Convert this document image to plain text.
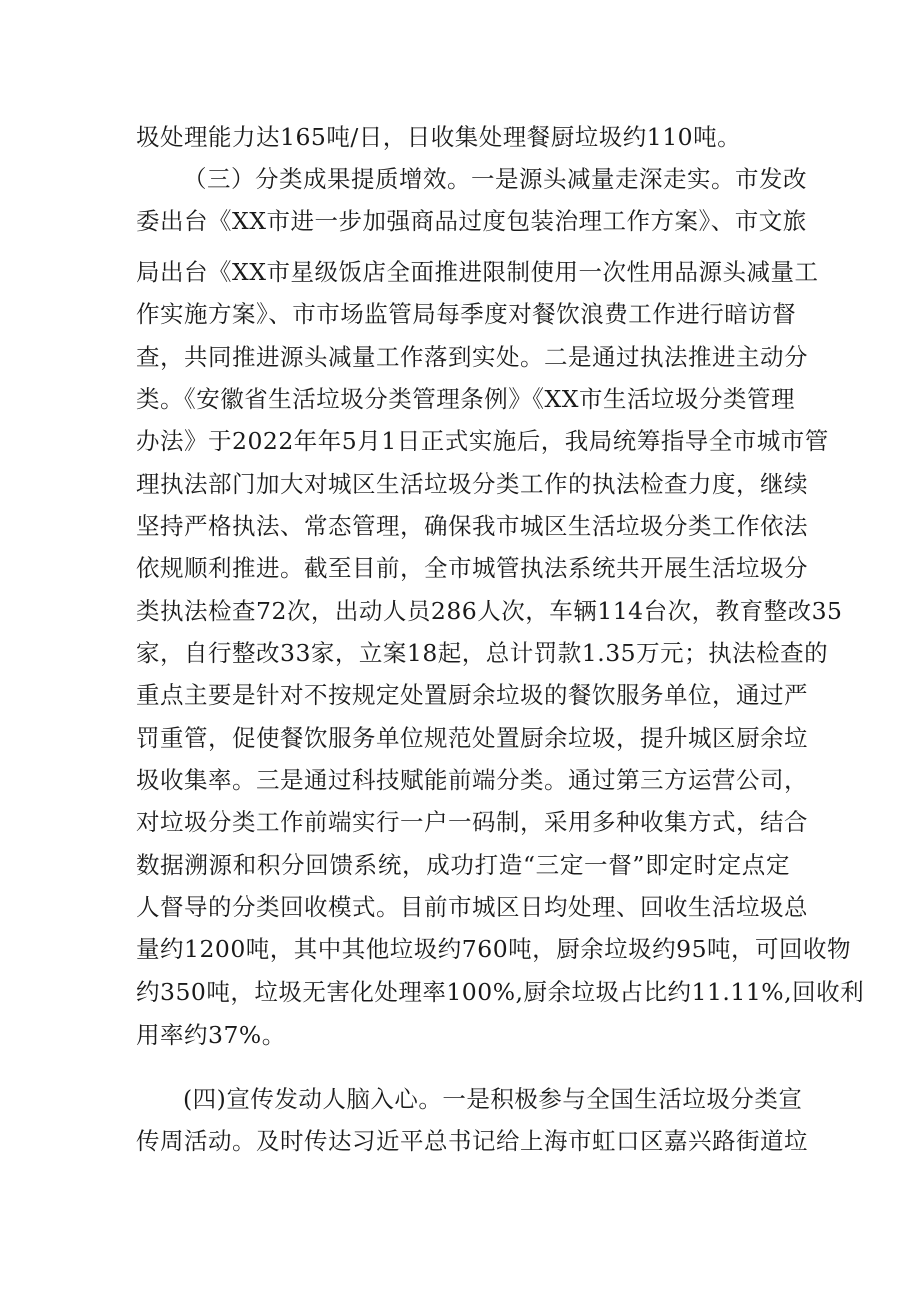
圾处理能力达165吨/日，日收集处理餐厨垃圾约110吨。
（三）分类成果提质增效。一是源头减量走深走实。市发改
委出台《XX市进一步加强商品过度包装治理工作方案》、市文旅
局出台《XX市星级饭店全面推进限制使用一次性用品源头减量工
作实施方案》、市市场监管局每季度对餐饮浪费工作进行暗访督
查，共同推进源头减量工作落到实处。二是通过执法推进主动分
类。《安徽省生活垃圾分类管理条例》《XX市生活垃圾分类管理
办法》于2022年年5月1日正式实施后，我局统筹指导全市城市管
理执法部门加大对城区生活垃圾分类工作的执法检查力度，继续
坚持严格执法、常态管理，确保我市城区生活垃圾分类工作依法
依规顺利推进。截至目前，全市城管执法系统共开展生活垃圾分
类执法检查72次，出动人员286人次，车辆114台次，教育整改35
家，自行整改33家，立案18起，总计罚款1.35万元；执法检查的
重点主要是针对不按规定处置厨余垃圾的餐饮服务单位，通过严
罚重管，促使餐饮服务单位规范处置厨余垃圾，提升城区厨余垃
圾收集率。三是通过科技赋能前端分类。通过第三方运营公司，
对垃圾分类工作前端实行一户一码制，采用多种收集方式，结合
数据溯源和积分回馈系统，成功打造“三定一督”即定时定点定
人督导的分类回收模式。目前市城区日均处理、回收生活垃圾总
量约1200吨，其中其他垃圾约760吨，厨余垃圾约95吨，可回收物
约350吨，垃圾无害化处理率100%,厨余垃圾占比约11.11%,回收利
用率约37%。
(四)宣传发动人脑入心。一是积极参与全国生活垃圾分类宣
传周活动。及时传达习近平总书记给上海市虹口区嘉兴路街道垃
